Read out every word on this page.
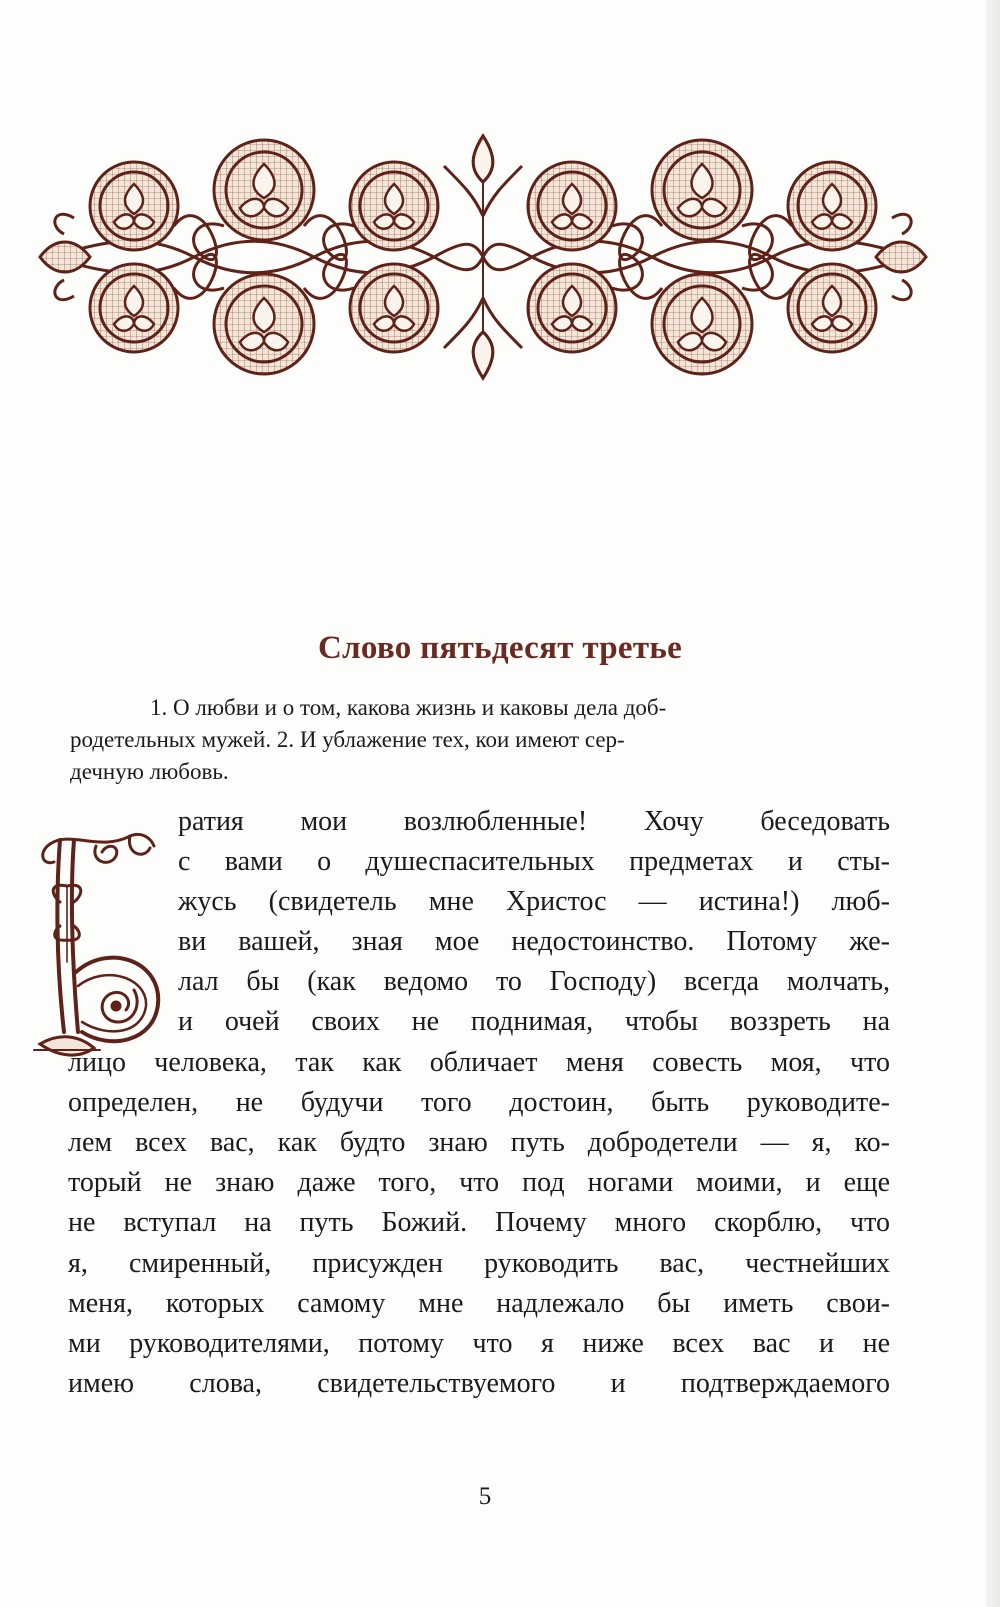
Слово пятьдесят третье
1. О любви и о том, какова жизнь и каковы дела доб-
родетельных мужей. 2. И ублажение тех, кои имеют сер-
дечную любовь.
ратия мои возлюбленные! Хочу беседовать
с вами о душеспасительных предметах и сты-
жусь (свидетель мне Христос — истина!) люб-
ви вашей, зная мое недостоинство. Потому же-
лал бы (как ведомо то Господу) всегда молчать,
и очей своих не поднимая, чтобы воззреть на
лицо человека, так как обличает меня совесть моя, что
определен, не будучи того достоин, быть руководите-
лем всех вас, как будто знаю путь добродетели — я, ко-
торый не знаю даже того, что под ногами моими, и еще
не вступал на путь Божий. Почему много скорблю, что
я, смиренный, присужден руководить вас, честнейших
меня, которых самому мне надлежало бы иметь свои-
ми руководителями, потому что я ниже всех вас и не
имею слова, свидетельствуемого и подтверждаемого
5
